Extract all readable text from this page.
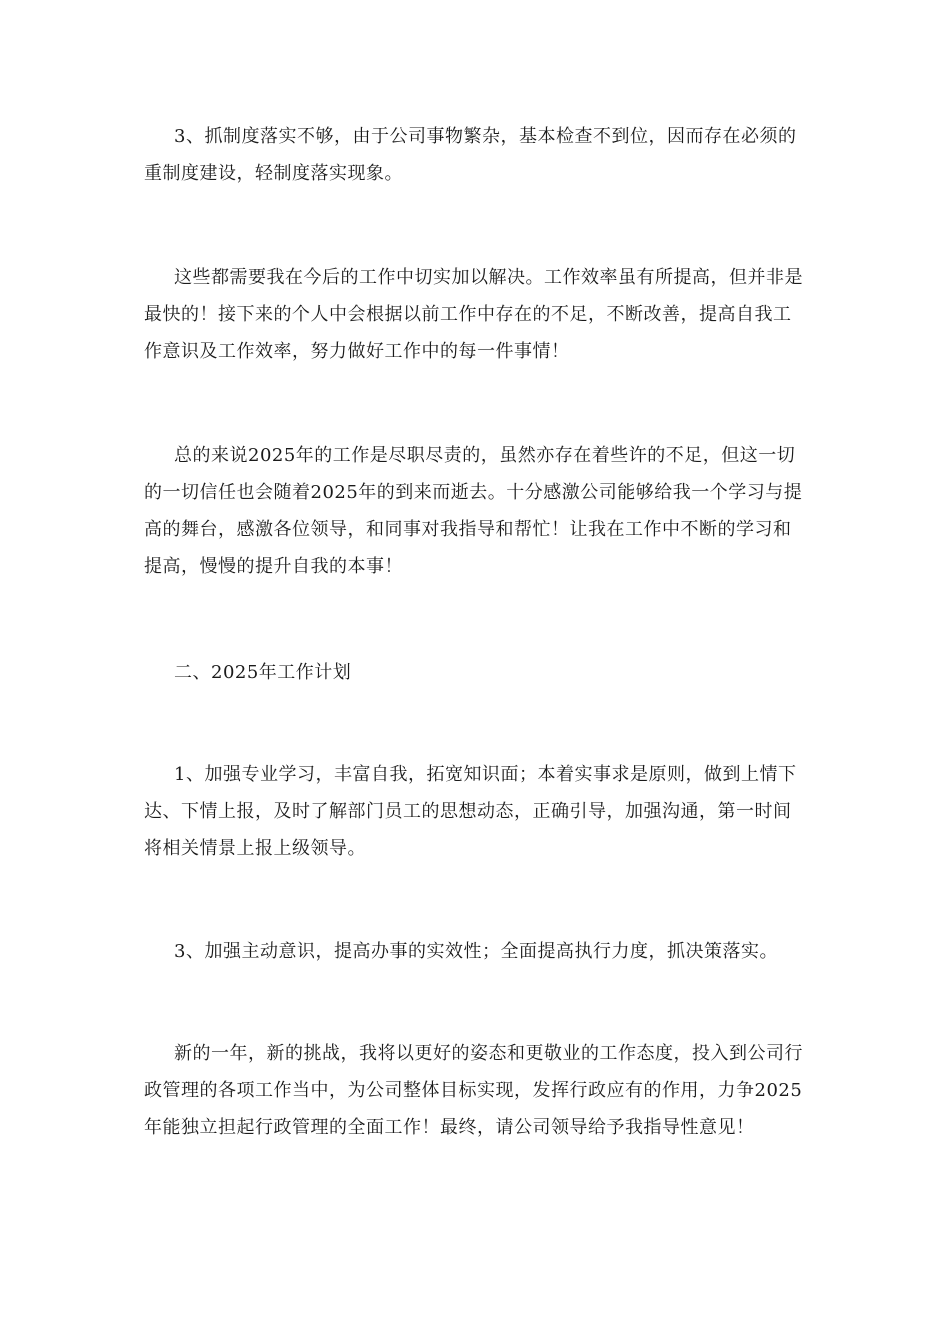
3、抓制度落实不够，由于公司事物繁杂，基本检查不到位，因而存在必须的重制度建设，轻制度落实现象。

这些都需要我在今后的工作中切实加以解决。工作效率虽有所提高，但并非是最快的！接下来的个人中会根据以前工作中存在的不足，不断改善，提高自我工作意识及工作效率，努力做好工作中的每一件事情！

总的来说2025年的工作是尽职尽责的，虽然亦存在着些许的不足，但这一切的一切信任也会随着2025年的到来而逝去。十分感激公司能够给我一个学习与提高的舞台，感激各位领导，和同事对我指导和帮忙！让我在工作中不断的学习和提高，慢慢的提升自我的本事！

二、2025年工作计划

1、加强专业学习，丰富自我，拓宽知识面；本着实事求是原则，做到上情下达、下情上报，及时了解部门员工的思想动态，正确引导，加强沟通，第一时间将相关情景上报上级领导。

3、加强主动意识，提高办事的实效性；全面提高执行力度，抓决策落实。

新的一年，新的挑战，我将以更好的姿态和更敬业的工作态度，投入到公司行政管理的各项工作当中，为公司整体目标实现，发挥行政应有的作用，力争2025年能独立担起行政管理的全面工作！最终，请公司领导给予我指导性意见！
